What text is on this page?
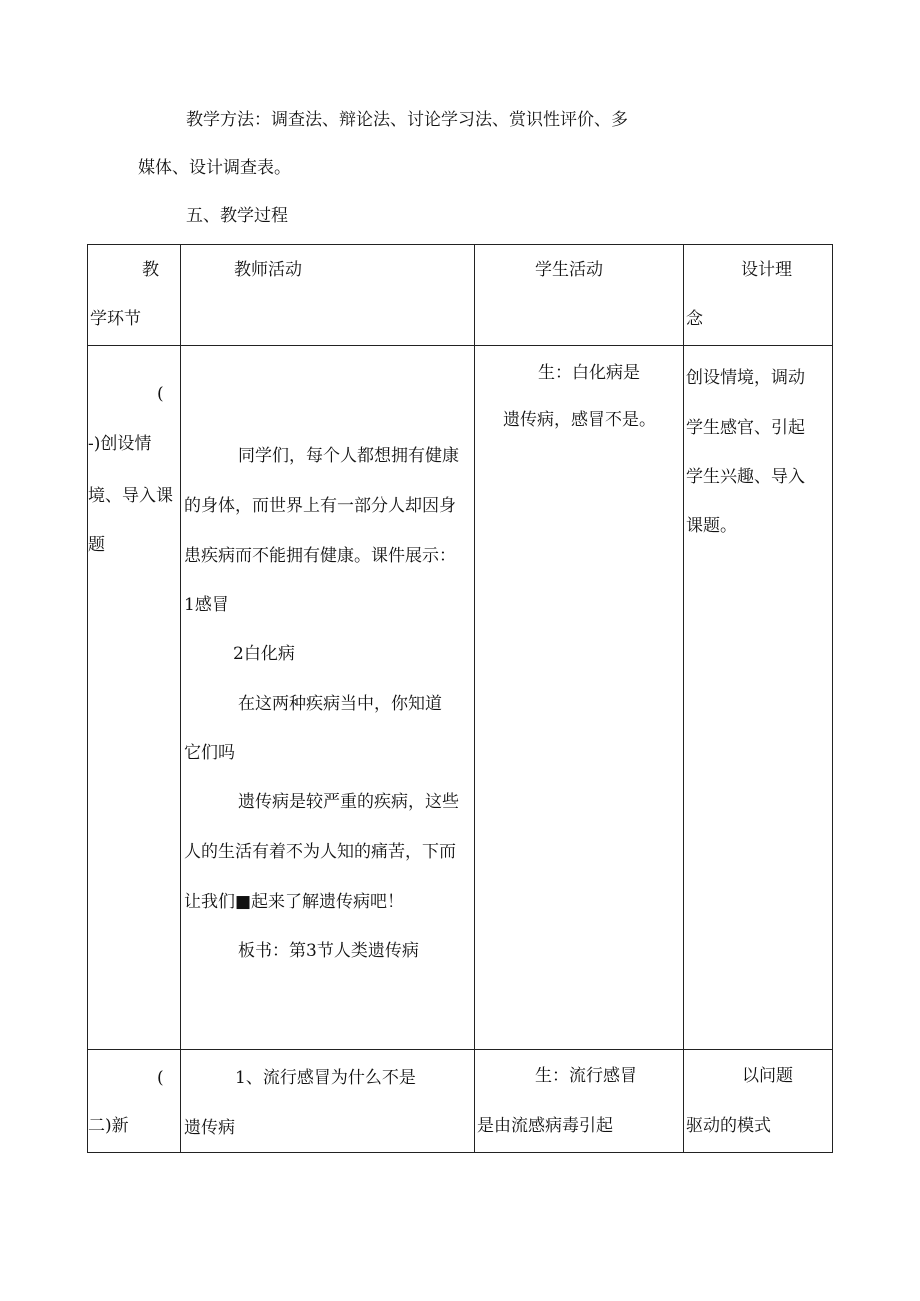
教学方法：调查法、辩论法、讨论学习法、赏识性评价、多
媒体、设计调查表。
五、教学过程
教
学环节
教师活动	学生活动	设计理
念
(
-)创设情
境、导入课
题
同学们，每个人都想拥有健康
的身体，而世界上有一部分人却因身
患疾病而不能拥有健康。课件展示：
1感冒
2白化病
在这两种疾病当中，你知道
它们吗
遗传病是较严重的疾病，这些
人的生活有着不为人知的痛苦，下而
让我们■起来了解遗传病吧！
板书：第3节人类遗传病
生：白化病是
遗传病，感冒不是。
创设情境，调动
学生感官、引起
学生兴趣、导入
课题。
(
二)新
1、流行感冒为什么不是
遗传病
生：流行感冒
是由流感病毒引起
以问题
驱动的模式
